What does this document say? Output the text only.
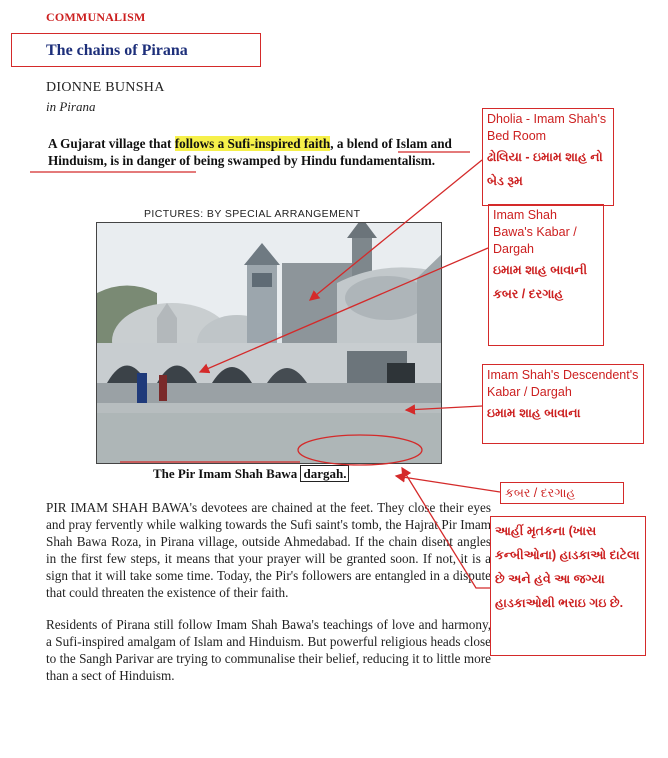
COMMUNALISM
The chains of Pirana
DIONNE BUNSHA
in Pirana
A Gujarat village that follows a Sufi-inspired faith, a blend of Islam and Hinduism, is in danger of being swamped by Hindu fundamentalism.
PICTURES: BY SPECIAL ARRANGEMENT
The Pir Imam Shah Bawa dargah.

PIR IMAM SHAH BAWA's devotees are chained at the feet. They close their eyes and pray fervently while walking towards the Sufi saint's tomb, the Hajrat Pir Imam Shah Bawa Roza, in Pirana village, outside Ahmedabad. If the chain disent angles in the first few steps, it means that your prayer will be granted soon. If not, it is a sign that it will take some time. Today, the Pir's followers are entangled in a dispute that could threaten the existence of their faith.

Residents of Pirana still follow Imam Shah Bawa's teachings of love and harmony, a Sufi-inspired amalgam of Islam and Hinduism. But powerful religious heads close to the Sangh Parivar are trying to communalise their belief, reducing it to little more than a sect of Hinduism.

Dholia - Imam Shah's Bed Room
ઢોલિયા - ઇમામ શાહ નો બેડ રૂમ
Imam Shah Bawa's Kabar / Dargah
ઇમામ શાહ બાવાની કબર / દરગાહ
Imam Shah's Descendent's Kabar / Dargah
ઇમામ શાહ બાવાના
કબર / દરગાહ
આહીં મૃતકના (ખાસ કન્બીઓના) હાડકાઓ દાટેલા છે અને હવે આ જગ્યા હાડકાઓથી ભરાઇ ગઇ છે.
